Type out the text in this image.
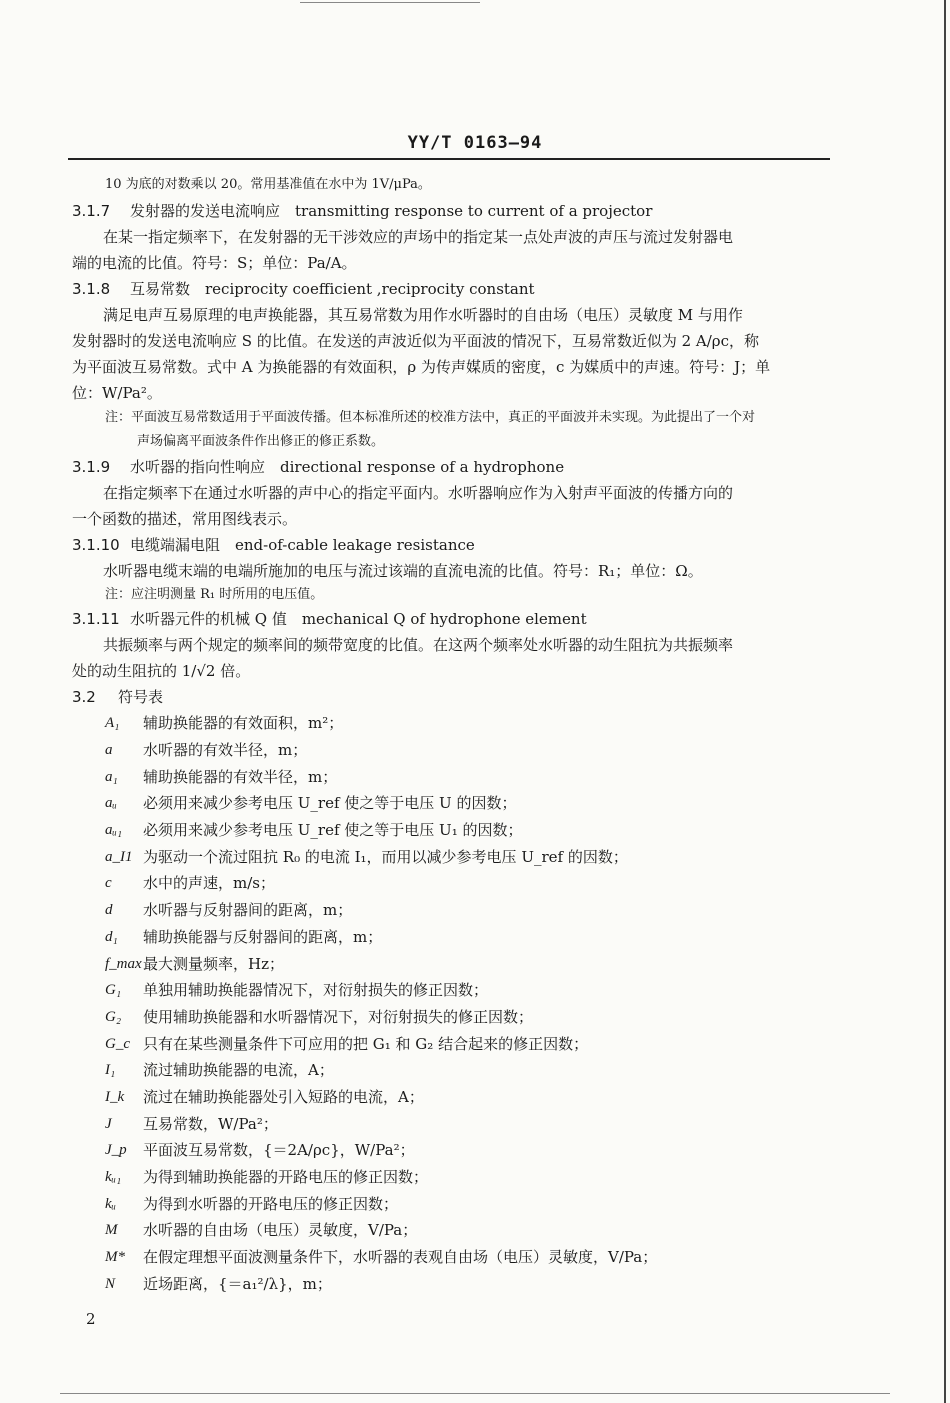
YY/T 0163—94
10 为底的对数乘以 20。常用基准值在水中为 1V/μPa。
3.1.7 发射器的发送电流响应　transmitting response to current of a projector
在某一指定频率下，在发射器的无干涉效应的声场中的指定某一点处声波的声压与流过发射器电
端的电流的比值。符号：S；单位：Pa/A。
3.1.8 互易常数　reciprocity coefficient ,reciprocity constant
满足电声互易原理的电声换能器，其互易常数为用作水听器时的自由场（电压）灵敏度 M 与用作
发射器时的发送电流响应 S 的比值。在发送的声波近似为平面波的情况下，互易常数近似为 2 A/ρc，称
为平面波互易常数。式中 A 为换能器的有效面积，ρ 为传声媒质的密度，c 为媒质中的声速。符号：J；单
位：W/Pa²。
注：平面波互易常数适用于平面波传播。但本标准所述的校准方法中，真正的平面波并未实现。为此提出了一个对
声场偏离平面波条件作出修正的修正系数。
3.1.9 水听器的指向性响应　directional response of a hydrophone
在指定频率下在通过水听器的声中心的指定平面内。水听器响应作为入射声平面波的传播方向的
一个函数的描述，常用图线表示。
3.1.10 电缆端漏电阻　end-of-cable leakage resistance
水听器电缆末端的电端所施加的电压与流过该端的直流电流的比值。符号：R₁；单位：Ω。
注：应注明测量 R₁ 时所用的电压值。
3.1.11 水听器元件的机械 Q 值　mechanical Q of hydrophone element
共振频率与两个规定的频率间的频带宽度的比值。在这两个频率处水听器的动生阻抗为共振频率
处的动生阻抗的 1/√2 倍。
3.2 符号表
A₁	辅助换能器的有效面积，m²；
a	水听器的有效半径，m；
a₁	辅助换能器的有效半径，m；
aᵤ	必须用来减少参考电压 U_ref 使之等于电压 U 的因数；
aᵤ₁	必须用来减少参考电压 U_ref 使之等于电压 U₁ 的因数；
a_I1 为驱动一个流过阻抗 R₀ 的电流 I₁，而用以减少参考电压 U_ref 的因数；
c	水中的声速，m/s；
d	水听器与反射器间的距离，m；
d₁	辅助换能器与反射器间的距离，m；
f_max 最大测量频率，Hz；
G₁	单独用辅助换能器情况下，对衍射损失的修正因数；
G₂	使用辅助换能器和水听器情况下，对衍射损失的修正因数；
G_c 只有在某些测量条件下可应用的把 G₁ 和 G₂ 结合起来的修正因数；
I₁	流过辅助换能器的电流，A；
I_k	流过在辅助换能器处引入短路的电流，A；
J	互易常数，W/Pa²；
J_p	平面波互易常数，{＝2A/ρc}，W/Pa²；
kᵤ₁	为得到辅助换能器的开路电压的修正因数；
kᵤ	为得到水听器的开路电压的修正因数；
M	水听器的自由场（电压）灵敏度，V/Pa；
M*	在假定理想平面波测量条件下，水听器的表观自由场（电压）灵敏度，V/Pa；
N	近场距离，{＝a₁²/λ}，m；
2
